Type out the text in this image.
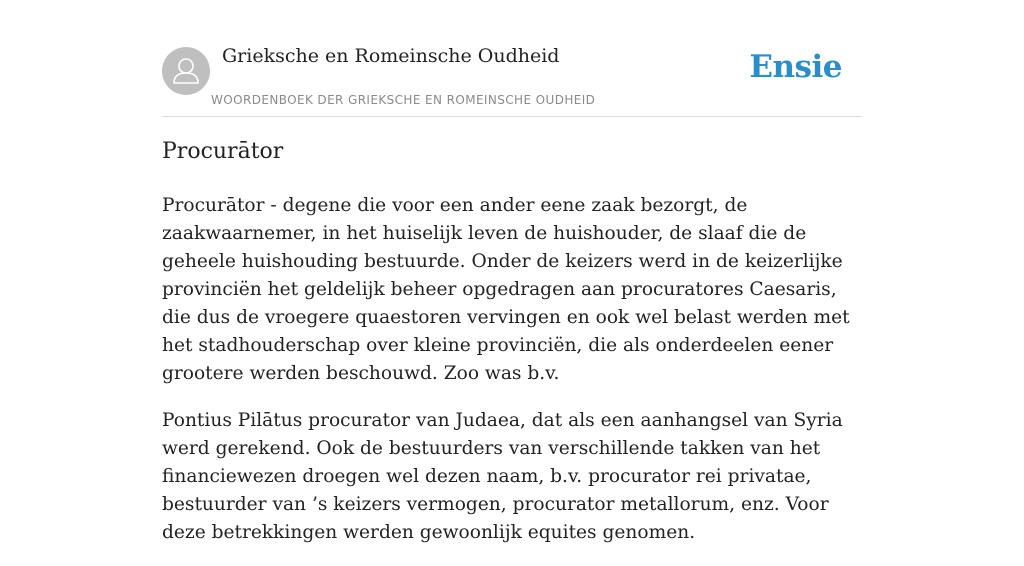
Grieksche en Romeinsche Oudheid
WOORDENBOEK DER GRIEKSCHE EN ROMEINSCHE OUDHEID
Ensie
Procurātor

Procurātor - degene die voor een ander eene zaak bezorgt, de zaakwaarnemer, in het huiselijk leven de huishouder, de slaaf die de geheele huishouding bestuurde. Onder de keizers werd in de keizerlijke provinciën het geldelijk beheer opgedragen aan procuratores Caesaris, die dus de vroegere quaestoren vervingen en ook wel belast werden met het stadhouderschap over kleine provinciën, die als onderdeelen eener grootere werden beschouwd. Zoo was b.v.

Pontius Pilātus procurator van Judaea, dat als een aanhangsel van Syria werd gerekend. Ook de bestuurders van verschillende takken van het financiewezen droegen wel dezen naam, b.v. procurator rei privatae, bestuurder van ’s keizers vermogen, procurator metallorum, enz. Voor deze betrekkingen werden gewoonlijk equites genomen.
